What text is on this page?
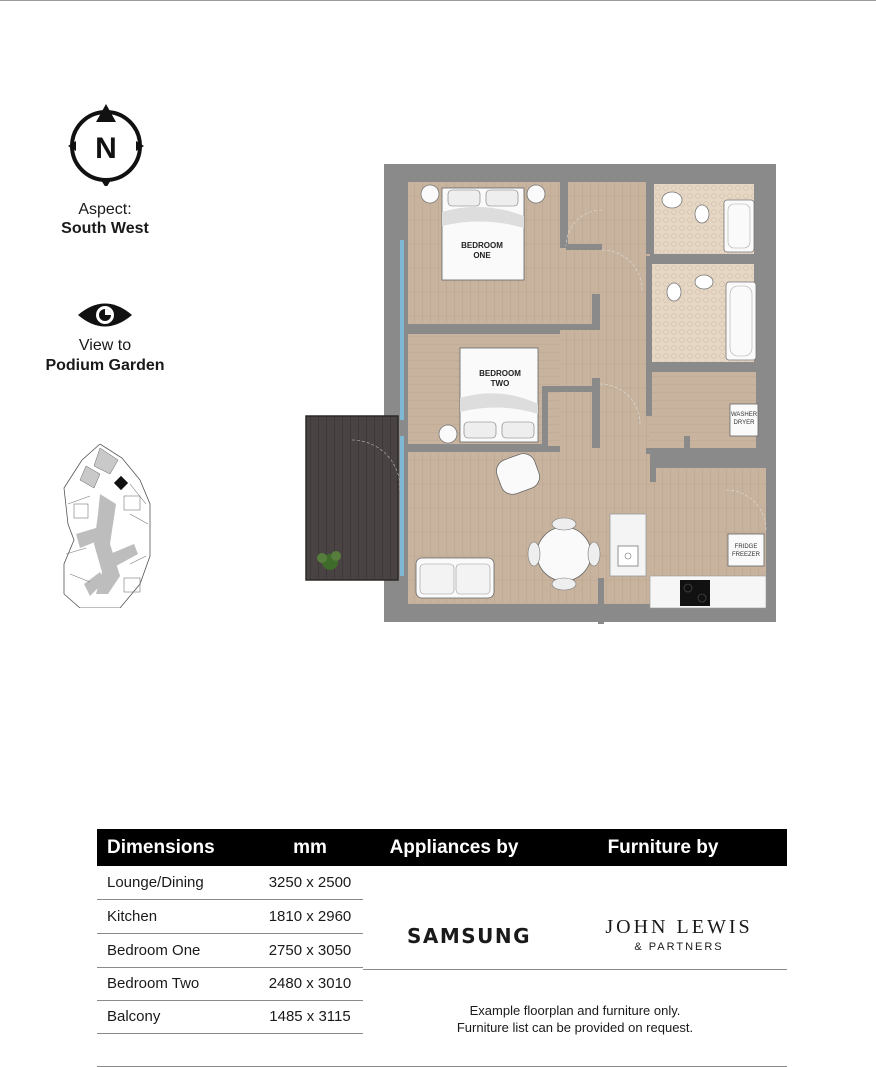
N
Aspect:
South West
View to
Podium Garden
BEDROOM
ONE
BEDROOM
TWO
WASHER
DRYER
FRIDGE
FREEZER
Dimensions	mm	Appliances by	Furniture by
Lounge/Dining	3250 x 2500
Kitchen	1810 x 2960
Bedroom One	2750 x 3050
Bedroom Two	2480 x 3010
Balcony	1485 x 3115
SAMSUNG	JOHN LEWIS
& PARTNERS
Example floorplan and furniture only.
Furniture list can be provided on request.
